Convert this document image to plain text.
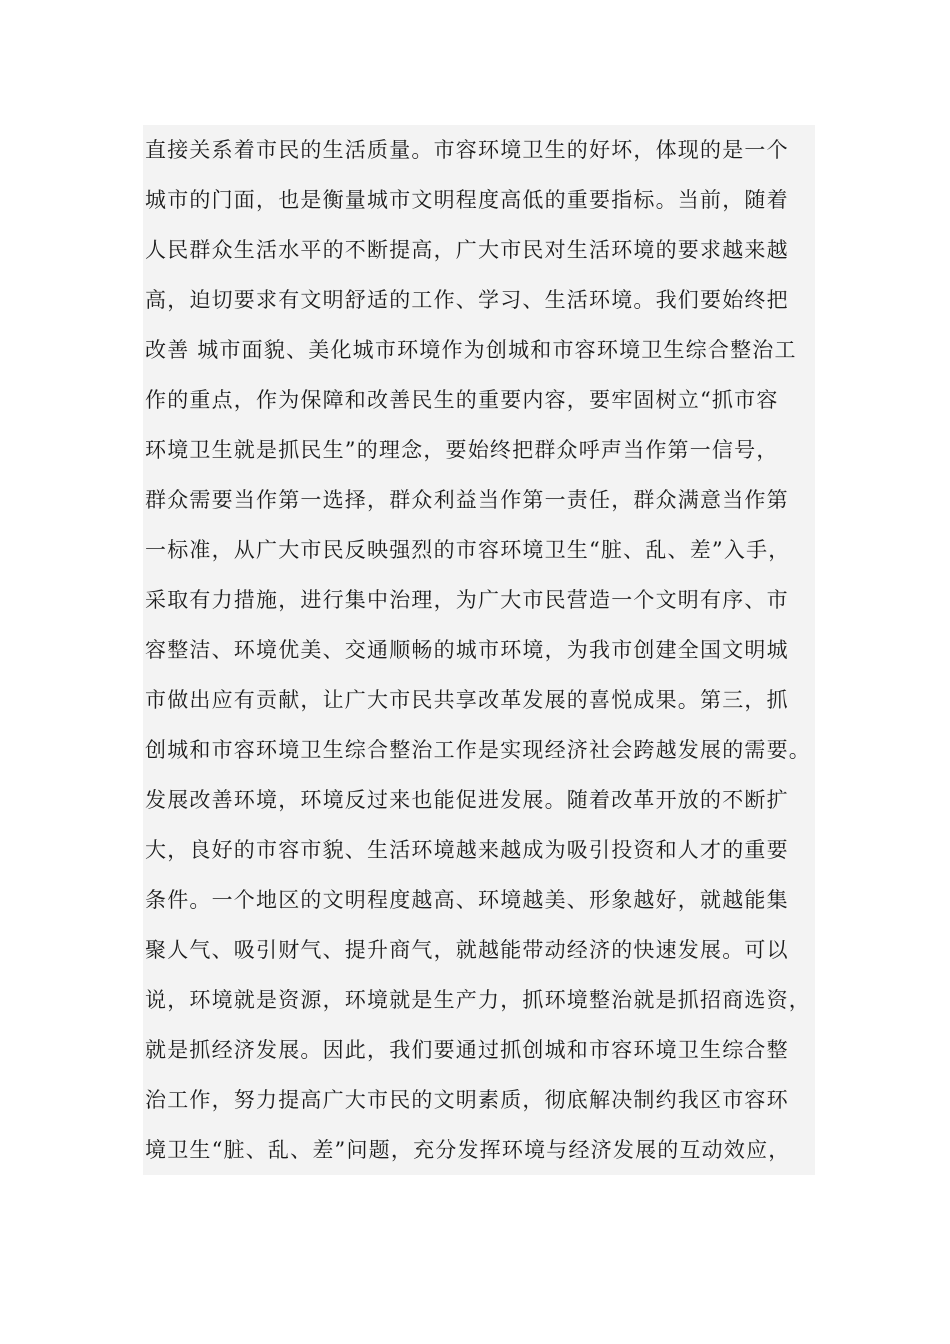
直接关系着市民的生活质量。市容环境卫生的好坏，体现的是一个
城市的门面，也是衡量城市文明程度高低的重要指标。当前，随着
人民群众生活水平的不断提高，广大市民对生活环境的要求越来越
高，迫切要求有文明舒适的工作、学习、生活环境。我们要始终把
改善 城市面貌、美化城市环境作为创城和市容环境卫生综合整治工
作的重点，作为保障和改善民生的重要内容，要牢固树立“抓市容
环境卫生就是抓民生”的理念，要始终把群众呼声当作第一信号，
群众需要当作第一选择，群众利益当作第一责任，群众满意当作第
一标准，从广大市民反映强烈的市容环境卫生“脏、乱、差”入手，
采取有力措施，进行集中治理，为广大市民营造一个文明有序、市
容整洁、环境优美、交通顺畅的城市环境，为我市创建全国文明城
市做出应有贡献，让广大市民共享改革发展的喜悦成果。第三，抓
创城和市容环境卫生综合整治工作是实现经济社会跨越发展的需要。
发展改善环境，环境反过来也能促进发展。随着改革开放的不断扩
大，良好的市容市貌、生活环境越来越成为吸引投资和人才的重要
条件。一个地区的文明程度越高、环境越美、形象越好，就越能集
聚人气、吸引财气、提升商气，就越能带动经济的快速发展。可以
说，环境就是资源，环境就是生产力，抓环境整治就是抓招商选资，
就是抓经济发展。因此，我们要通过抓创城和市容环境卫生综合整
治工作，努力提高广大市民的文明素质，彻底解决制约我区市容环
境卫生“脏、乱、差”问题，充分发挥环境与经济发展的互动效应，
